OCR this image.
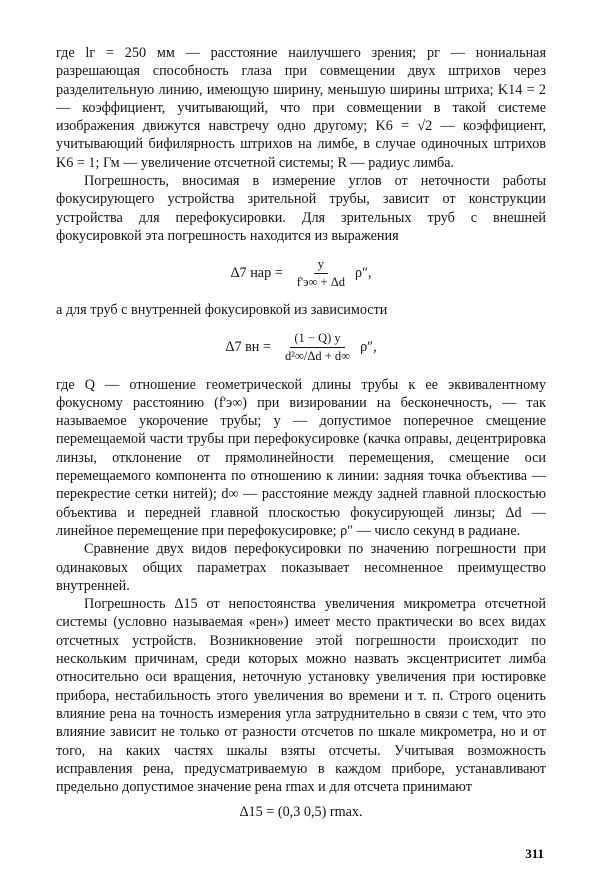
где lг = 250 мм — расстояние наилучшего зрения; pг — нониальная разрешающая способность глаза при совмещении двух штрихов через разделительную линию, имеющую ширину, меньшую ширины штриха; K14 = 2 — коэффициент, учитывающий, что при совмещении в такой системе изображения движутся навстречу одно другому; K6 = √2 — коэффициент, учитывающий бифилярность штрихов на лимбе, в случае одиночных штрихов K6 = 1; Гм — увеличение отсчетной системы; R — радиус лимба.

Погрешность, вносимая в измерение углов от неточности работы фокусирующего устройства зрительной трубы, зависит от конструкции устройства для перефокусировки. Для зрительных труб с внешней фокусировкой эта погрешность находится из выражения

Δ7 нар = $\frac{y}{f'э\infty + \Delta d} \rho''$,

а для труб с внутренней фокусировкой из зависимости

Δ7 вн = $\frac{(1 - Q) y}{\text{d²∞/Δd + d∞}} \rho''$,

где Q — отношение геометрической длины трубы к ее эквивалентному фокусному расстоянию (f'э∞) при визировании на бесконечность, — так называемое укорочение трубы; y — допустимое поперечное смещение перемещаемой части трубы при перефокусировке (качка оправы, децентрировка линзы, отклонение от прямолинейности перемещения, смещение оси перемещаемого компонента по отношению к линии: задняя точка объектива — перекрестие сетки нитей); d∞ — расстояние между задней главной плоскостью объектива и передней главной плоскостью фокусирующей линзы; Δd — линейное перемещение при перефокусировке; ρ″ — число секунд в радиане.

Сравнение двух видов перефокусировки по значению погрешности при одинаковых общих параметрах показывает несомненное преимущество внутренней.

Погрешность Δ15 от непостоянства увеличения микрометра отсчетной системы (условно называемая «рен») имеет место практически во всех видах отсчетных устройств. Возникновение этой погрешности происходит по нескольким причинам, среди которых можно назвать эксцентриситет лимба относительно оси вращения, неточную установку увеличения при юстировке прибора, нестабильность этого увеличения во времени и т. п. Строго оценить влияние рена на точность измерения угла затруднительно в связи с тем, что это влияние зависит не только от разности отсчетов по шкале микрометра, но и от того, на каких частях шкалы взяты отсчеты. Учитывая возможность исправления рена, предусматриваемую в каждом приборе, устанавливают предельно допустимое значение рена rmax и для отсчета принимают

Δ15 = (0,3 0,5) rmax.
311
